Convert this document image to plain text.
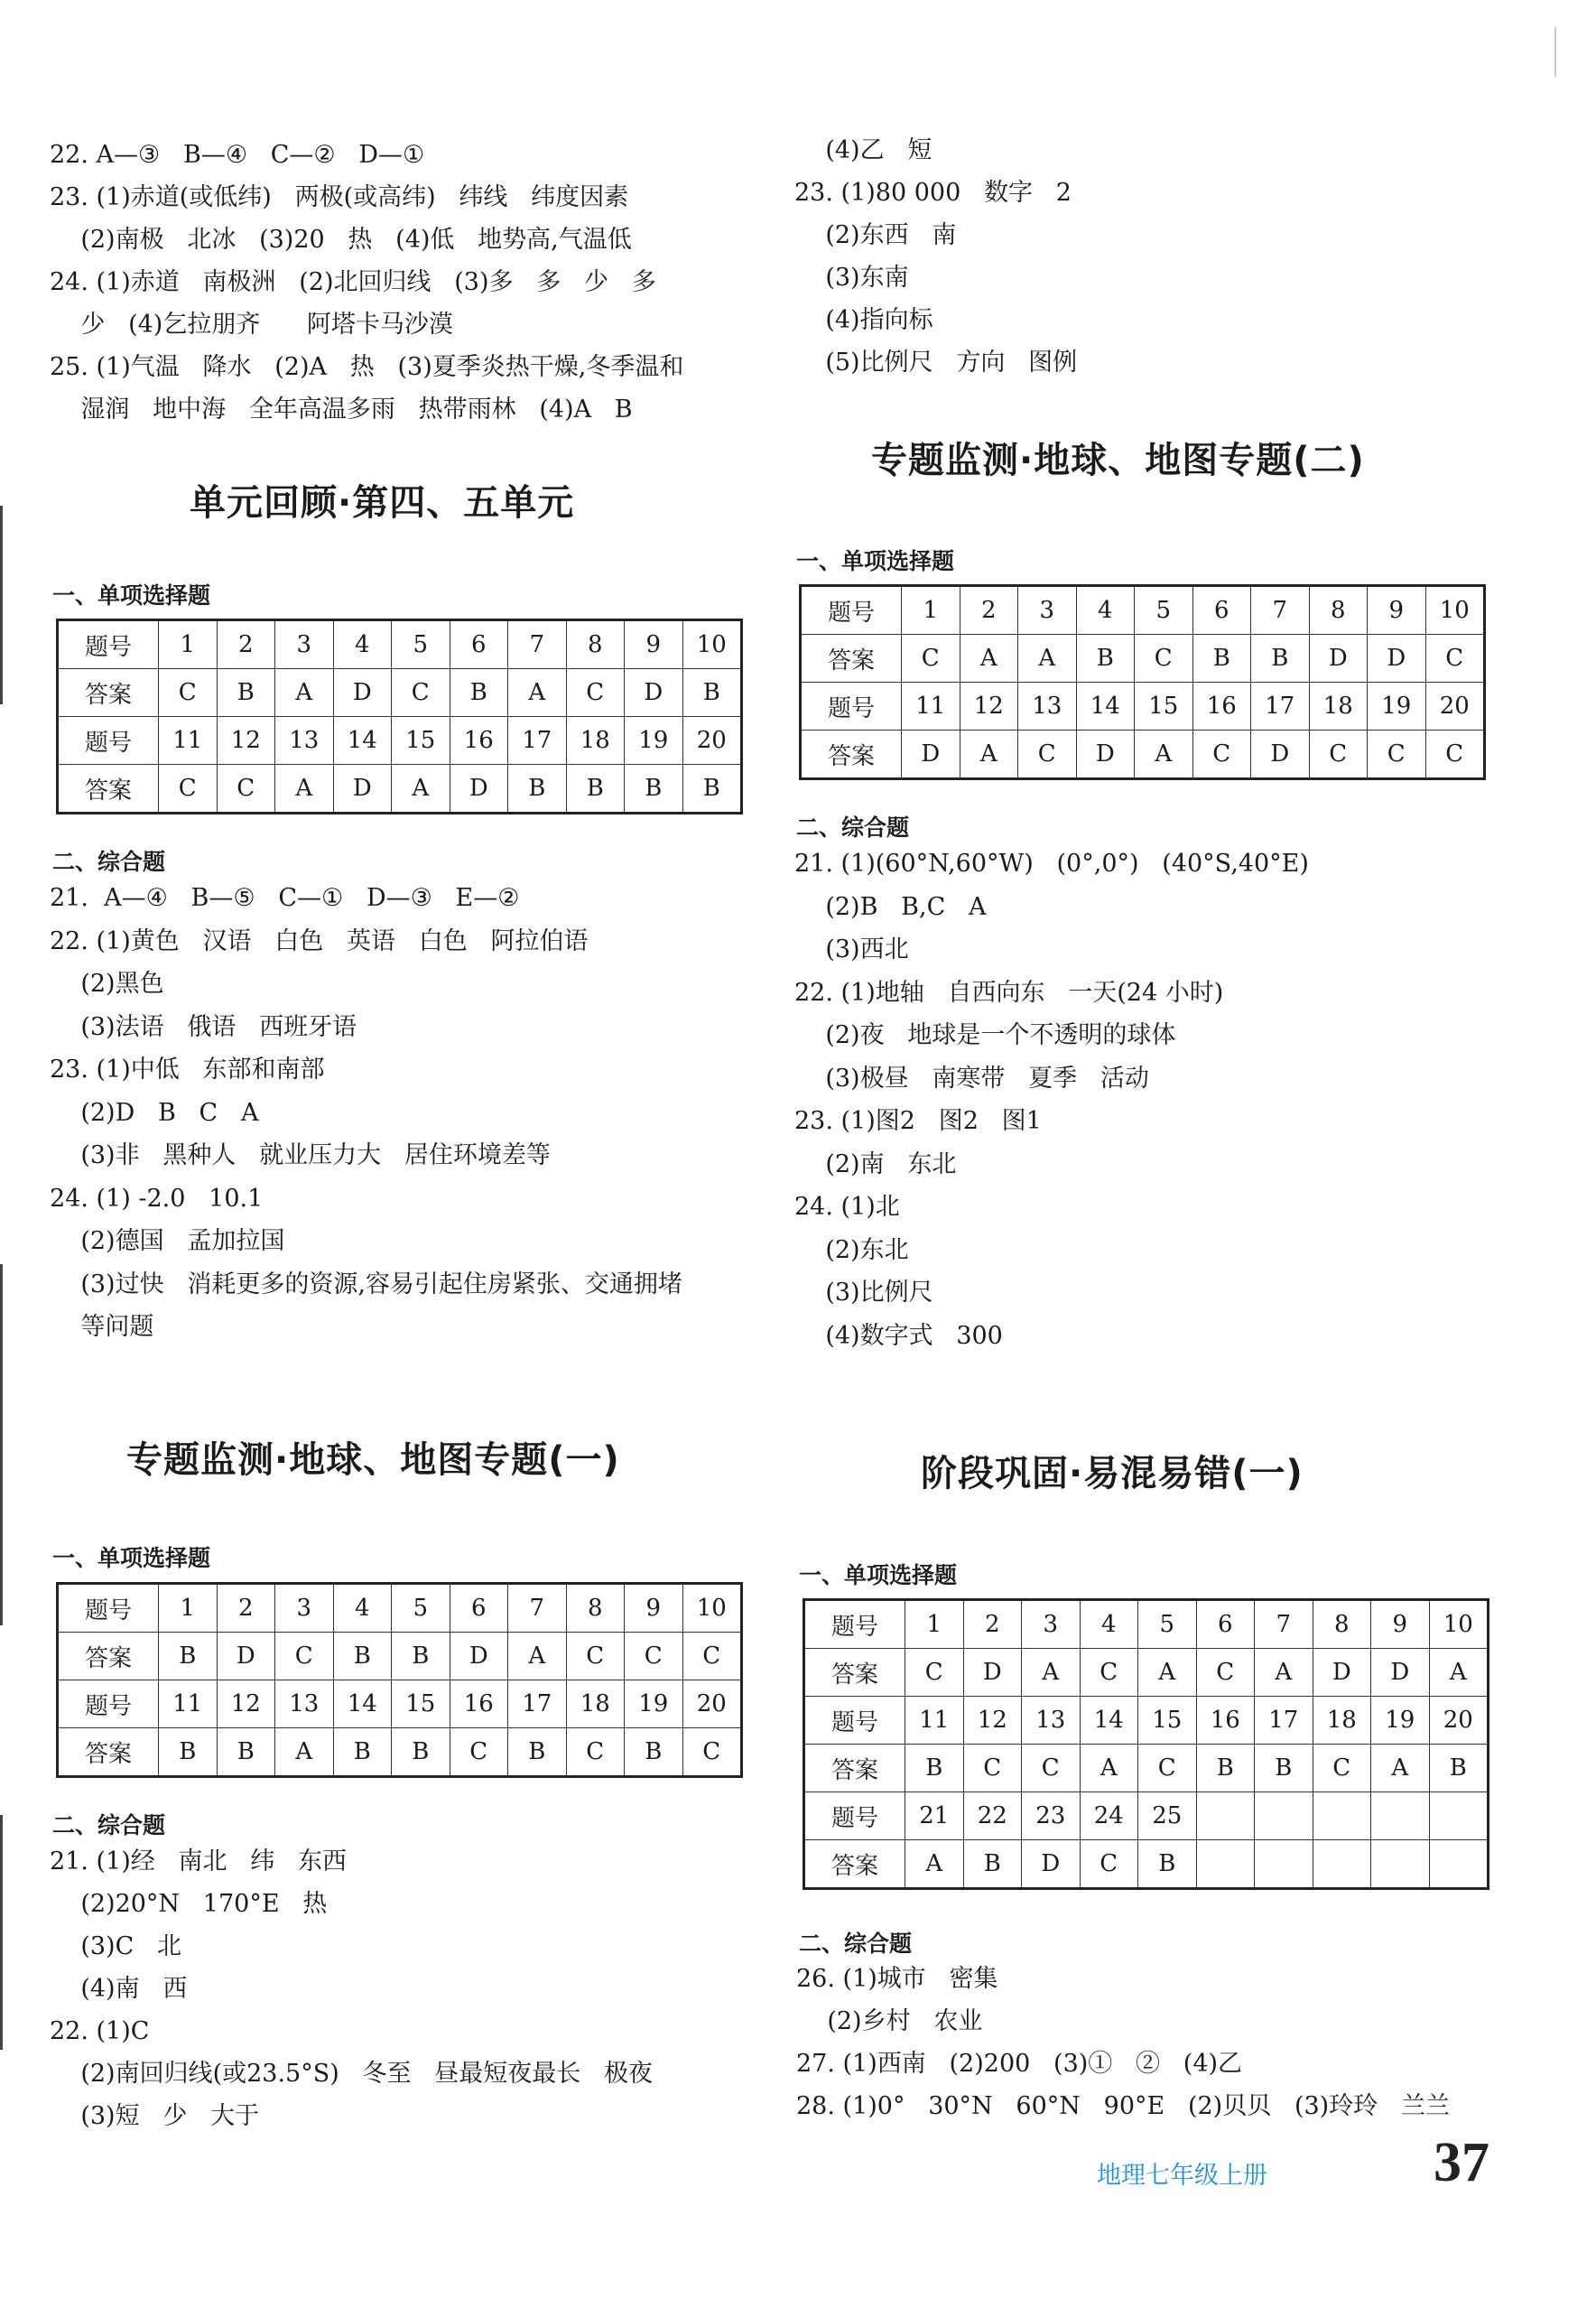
22. A—③   B—④   C—②   D—①
23. (1)赤道(或低纬)   两极(或高纬)   纬线   纬度因素
(2)南极   北冰   (3)20   热   (4)低   地势高,气温低
24. (1)赤道   南极洲   (2)北回归线   (3)多   多   少   多
少   (4)乞拉朋齐      阿塔卡马沙漠
25. (1)气温   降水   (2)A   热   (3)夏季炎热干燥,冬季温和
湿润   地中海   全年高温多雨   热带雨林   (4)A   B
单元回顾·第四、五单元
一、单项选择题
题号	1	2	3	4	5	6	7	8	9	10
答案	C	B	A	D	C	B	A	C	D	B
题号	11	12	13	14	15	16	17	18	19	20
答案	C	C	A	D	A	D	B	B	B	B
二、综合题
21.  A—④   B—⑤   C—①   D—③   E—②
22. (1)黄色   汉语   白色   英语   白色   阿拉伯语
(2)黑色
(3)法语   俄语   西班牙语
23. (1)中低   东部和南部
(2)D   B   C   A
(3)非   黑种人   就业压力大   居住环境差等
24. (1) -2.0   10.1
(2)德国   孟加拉国
(3)过快   消耗更多的资源,容易引起住房紧张、交通拥堵
等问题
专题监测·地球、地图专题(一)
一、单项选择题
题号	1	2	3	4	5	6	7	8	9	10
答案	B	D	C	B	B	D	A	C	C	C
题号	11	12	13	14	15	16	17	18	19	20
答案	B	B	A	B	B	C	B	C	B	C
二、综合题
21. (1)经   南北   纬   东西
(2)20°N   170°E   热
(3)C   北
(4)南   西
22. (1)C
(2)南回归线(或23.5°S)   冬至   昼最短夜最长   极夜
(3)短   少   大于
(4)乙   短
23. (1)80 000   数字   2
(2)东西   南
(3)东南
(4)指向标
(5)比例尺   方向   图例
专题监测·地球、地图专题(二)
一、单项选择题
题号	1	2	3	4	5	6	7	8	9	10
答案	C	A	A	B	C	B	B	D	D	C
题号	11	12	13	14	15	16	17	18	19	20
答案	D	A	C	D	A	C	D	C	C	C
二、综合题
21. (1)(60°N,60°W)   (0°,0°)   (40°S,40°E)
(2)B   B,C   A
(3)西北
22. (1)地轴   自西向东   一天(24 小时)
(2)夜   地球是一个不透明的球体
(3)极昼   南寒带   夏季   活动
23. (1)图2   图2   图1
(2)南   东北
24. (1)北
(2)东北
(3)比例尺
(4)数字式   300
阶段巩固·易混易错(一)
一、单项选择题
题号	1	2	3	4	5	6	7	8	9	10
答案	C	D	A	C	A	C	A	D	D	A
题号	11	12	13	14	15	16	17	18	19	20
答案	B	C	C	A	C	B	B	C	A	B
题号	21	22	23	24	25					
答案	A	B	D	C	B					
二、综合题
26. (1)城市   密集
(2)乡村   农业
27. (1)西南   (2)200   (3)①   ②   (4)乙
28. (1)0°   30°N   60°N   90°E   (2)贝贝   (3)玲玲   兰兰
地理七年级上册	37
